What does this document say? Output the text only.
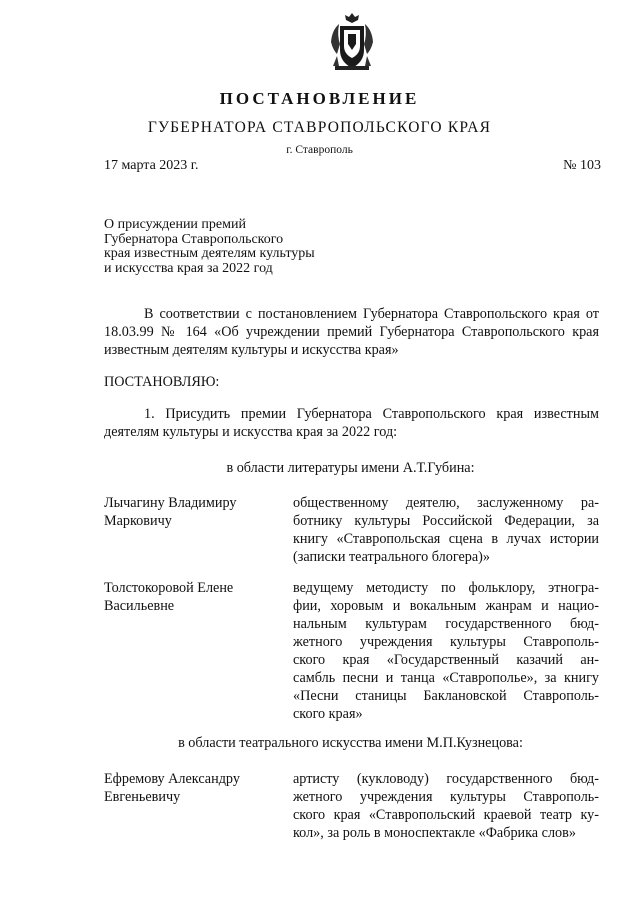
ПОСТАНОВЛЕНИЕ
ГУБЕРНАТОРА СТАВРОПОЛЬСКОГО КРАЯ
г. Ставрополь
17 марта 2023 г.	№ 103
О присуждении премий
Губернатора Ставропольского
края известным деятелям культуры
и искусства края за 2022 год
В соответствии с постановлением Губернатора Ставропольского края от 18.03.99 № 164 «Об учреждении премий Губернатора Ставропольского края известным деятелям культуры и искусства края»
ПОСТАНОВЛЯЮ:
1. Присудить премии Губернатора Ставропольского края известным деятелям культуры и искусства края за 2022 год:
в области литературы имени А.Т.Губина:
Лычагину Владимиру
Марковичу
общественному деятелю, заслуженному ра-
ботнику культуры Российской Федерации, за
книгу «Ставропольская сцена в лучах истории
(записки театрального блогера)»
Толстокоровой Елене
Васильевне
ведущему методисту по фольклору, этногра-
фии, хоровым и вокальным жанрам и нацио-
нальным культурам государственного бюд-
жетного учреждения культуры Ставрополь-
ского края «Государственный казачий ан-
самбль песни и танца «Ставрополье», за книгу
«Песни станицы Баклановской Ставрополь-
ского края»
в области театрального искусства имени М.П.Кузнецова:
Ефремову Александру
Евгеньевичу
артисту (кукловоду) государственного бюд-
жетного учреждения культуры Ставрополь-
ского края «Ставропольский краевой театр ку-
кол», за роль в моноспектакле «Фабрика слов»
